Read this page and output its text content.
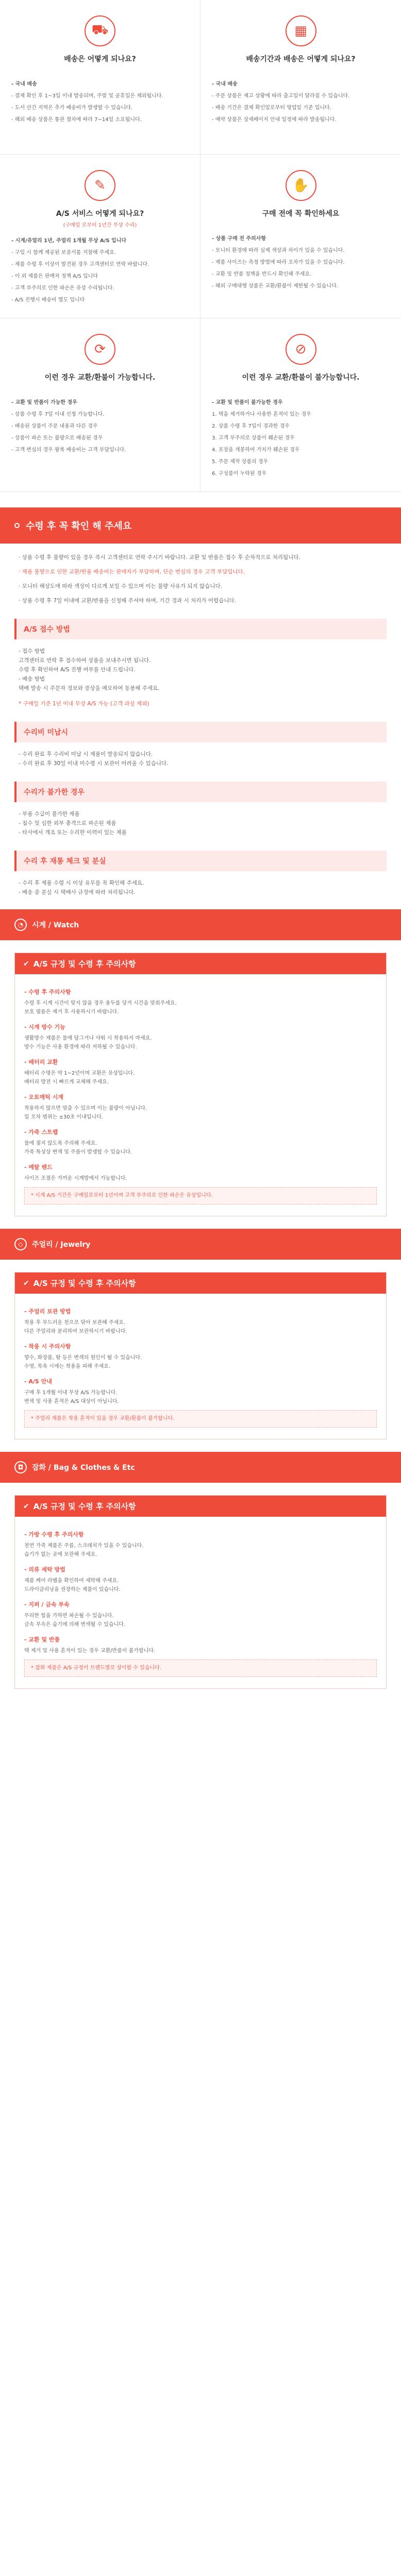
⛟
배송은 어떻게 되나요?

- 국내 배송
- 결제 확인 후 1~3일 이내 발송되며, 주말 및 공휴일은 제외됩니다.
- 도서 산간 지역은 추가 배송비가 발생할 수 있습니다.
- 해외 배송 상품은 통관 절차에 따라 7~14일 소요됩니다.
▦
배송기간과 배송은 어떻게 되나요?

- 국내 배송
- 주문 상품은 재고 상황에 따라 출고일이 달라질 수 있습니다.
- 배송 기간은 결제 확인일로부터 영업일 기준 입니다.
- 예약 상품은 상세페이지 안내 일정에 따라 발송됩니다.
✎
A/S 서비스 어떻게 되나요?
(구매일 로부터 1년간 무상 수리)
- 시계/쥬얼리 1년, 주얼리 1개월 무상 A/S 입니다
- 구입 시 함께 제공된 보증서를 지참해 주세요.
- 제품 수령 후 이상이 발견된 경우 고객센터로 연락 바랍니다.
- 이 외 제품은 판매처 정책 A/S 입니다
- 고객 부주의로 인한 파손은 유상 수리됩니다.
- A/S 진행시 배송비 별도 입니다
✋
구매 전에 꼭 확인하세요

- 상품 구매 전 주의사항
- 모니터 환경에 따라 실제 색상과 차이가 있을 수 있습니다.
- 제품 사이즈는 측정 방법에 따라 오차가 있을 수 있습니다.
- 교환 및 반품 정책을 반드시 확인해 주세요.
- 해외 구매대행 상품은 교환/환불이 제한될 수 있습니다.
⟳
이런 경우 교환/환불이 가능합니다.

- 교환 및 반품이 가능한 경우
- 상품 수령 후 7일 이내 신청 가능합니다.
- 배송된 상품이 주문 내용과 다른 경우
- 상품이 파손 또는 불량으로 배송된 경우
- 고객 변심의 경우 왕복 배송비는 고객 부담입니다.
⊘
이런 경우 교환/환불이 불가능합니다.

- 교환 및 반품이 불가능한 경우
1. 택을 제거하거나 사용한 흔적이 있는 경우
2. 상품 수령 후 7일이 경과한 경우
3. 고객 부주의로 상품이 훼손된 경우
4. 포장을 개봉하여 가치가 훼손된 경우
5. 주문 제작 상품의 경우
6. 구성품이 누락된 경우
수령 후 꼭 확인 해 주세요

· 상품 수령 후 불량이 있을 경우 즉시 고객센터로 연락 주시기 바랍니다. 교환 및 반품은 접수 후 순차적으로 처리됩니다.

· 제품 불량으로 인한 교환/반품 배송비는 판매자가 부담하며, 단순 변심의 경우 고객 부담입니다.

· 모니터 해상도에 따라 색상이 다르게 보일 수 있으며 이는 불량 사유가 되지 않습니다.

· 상품 수령 후 7일 이내에 교환/반품을 신청해 주셔야 하며, 기간 경과 시 처리가 어렵습니다.

A/S 접수 방법
- 접수 방법
고객센터로 연락 후 접수하여 상품을 보내주시면 됩니다.
수령 후 확인하여 A/S 진행 여부를 안내 드립니다.
- 배송 방법
택배 발송 시 주문자 정보와 증상을 메모하여 동봉해 주세요.

* 구매일 기준 1년 이내 무상 A/S 가능 (고객 과실 제외)

수리비 미납시
- 수리 완료 후 수리비 미납 시 제품이 발송되지 않습니다.
- 수리 완료 후 30일 이내 미수령 시 보관이 어려울 수 있습니다.
수리가 불가한 경우
- 부품 수급이 불가한 제품
- 침수 및 심한 외부 충격으로 파손된 제품
- 타사에서 개조 또는 수리한 이력이 있는 제품
수리 후 재통 체크 및 분실
- 수리 후 제품 수령 시 이상 유무를 꼭 확인해 주세요.
- 배송 중 분실 시 택배사 규정에 따라 처리됩니다.
◔	시계 / Watch
✔ A/S 규정 및 수령 후 주의사항
- 수령 후 주의사항
수령 후 시계 시간이 맞지 않을 경우 용두를 당겨 시간을 맞춰주세요.
보호 필름은 제거 후 사용하시기 바랍니다.
- 시계 방수 기능
생활방수 제품은 물에 담그거나 샤워 시 착용하지 마세요.
방수 기능은 사용 환경에 따라 저하될 수 있습니다.
- 배터리 교환
배터리 수명은 약 1~2년이며 교환은 유상입니다.
배터리 방전 시 빠르게 교체해 주세요.
- 오토매틱 시계
착용하지 않으면 멈출 수 있으며 이는 불량이 아닙니다.
일 오차 범위는 ±30초 이내입니다.
- 가죽 스트랩
물에 젖지 않도록 주의해 주세요.
가죽 특성상 변색 및 주름이 발생할 수 있습니다.
- 메탈 밴드
사이즈 조절은 가까운 시계방에서 가능합니다.
* 시계 A/S 기간은 구매일로부터 1년이며 고객 부주의로 인한 파손은 유상입니다.
◇	주얼리 / Jewelry
✔ A/S 규정 및 수령 후 주의사항
- 주얼리 보관 방법
착용 후 부드러운 천으로 닦아 보관해 주세요.
다른 주얼리와 분리하여 보관하시기 바랍니다.
- 착용 시 주의사항
향수, 화장품, 땀 등은 변색의 원인이 될 수 있습니다.
수영, 목욕 시에는 착용을 피해 주세요.
- A/S 안내
구매 후 1개월 이내 무상 A/S 가능합니다.
변색 및 사용 흔적은 A/S 대상이 아닙니다.
* 주얼리 제품은 착용 흔적이 있을 경우 교환/환불이 불가합니다.
◘	잡화 / Bag & Clothes & Etc
✔ A/S 규정 및 수령 후 주의사항
- 가방 수령 후 주의사항
천연 가죽 제품은 주름, 스크래치가 있을 수 있습니다.
습기가 없는 곳에 보관해 주세요.
- 의류 세탁 방법
제품 케어 라벨을 확인하여 세탁해 주세요.
드라이클리닝을 권장하는 제품이 있습니다.
- 지퍼 / 금속 부속
무리한 힘을 가하면 파손될 수 있습니다.
금속 부속은 습기에 의해 변색될 수 있습니다.
- 교환 및 반품
택 제거 및 사용 흔적이 있는 경우 교환/반품이 불가합니다.
* 잡화 제품은 A/S 규정이 브랜드별로 상이할 수 있습니다.
